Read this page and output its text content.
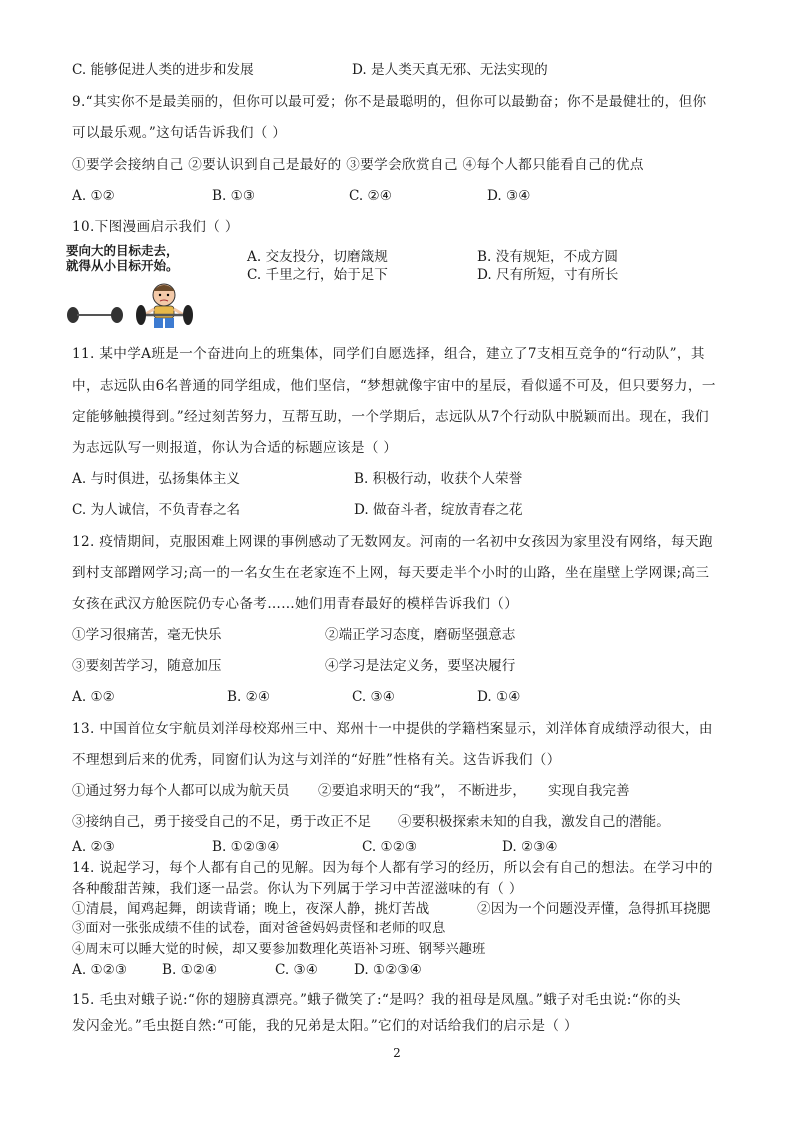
C. 能够促进人类的进步和发展	D. 是人类天真无邪、无法实现的
9.“其实你不是最美丽的，但你可以最可爱；你不是最聪明的，但你可以最勤奋；你不是最健壮的，但你
可以最乐观。”这句话告诉我们（ ）
①要学会接纳自己 ②要认识到自己是最好的 ③要学会欣赏自己 ④每个人都只能看自己的优点
A. ①②	B. ①③	C. ②④	D. ③④
10.下图漫画启示我们（ ）
要向大的目标走去，
就得从小目标开始。
A. 交友投分，切磨箴规	B. 没有规矩，不成方圆
C. 千里之行，始于足下	D. 尺有所短，寸有所长
11. 某中学A班是一个奋进向上的班集体，同学们自愿选择，组合，建立了7支相互竞争的“行动队”，其
中，志远队由6名普通的同学组成，他们坚信，“梦想就像宇宙中的星辰，看似遥不可及，但只要努力，一
定能够触摸得到。”经过刻苦努力，互帮互助，一个学期后，志远队从7个行动队中脱颖而出。现在，我们
为志远队写一则报道，你认为合适的标题应该是（ ）
A. 与时俱进，弘扬集体主义	B. 积极行动，收获个人荣誉
C. 为人诚信，不负青春之名	D. 做奋斗者，绽放青春之花
12. 疫情期间，克服困难上网课的事例感动了无数网友。河南的一名初中女孩因为家里没有网络，每天跑
到村支部蹭网学习;高一的一名女生在老家连不上网，每天要走半个小时的山路，坐在崖壁上学网课;高三
女孩在武汉方舱医院仍专心备考……她们用青春最好的模样告诉我们（）
①学习很痛苦，毫无快乐	②端正学习态度，磨砺坚强意志
③要刻苦学习，随意加压	④学习是法定义务，要坚决履行
A. ①②	B. ②④	C. ③④	D. ①④
13. 中国首位女宇航员刘洋母校郑州三中、郑州十一中提供的学籍档案显示，刘洋体育成绩浮动很大，由
不理想到后来的优秀，同窗们认为这与刘洋的“好胜”性格有关。这告诉我们（）
①通过努力每个人都可以成为航天员 ②要追求明天的“我”， 不断进步， 实现自我完善
③接纳自己，勇于接受自己的不足，勇于改正不足 ④要积极探索未知的自我，激发自己的潜能。
A. ②③	B. ①②③④	C. ①②③	D. ②③④
14. 说起学习，每个人都有自己的见解。因为每个人都有学习的经历，所以会有自己的想法。在学习中的
各种酸甜苦辣，我们逐一品尝。你认为下列属于学习中苦涩滋味的有（ ）
①清晨，闻鸡起舞，朗读背诵；晚上，夜深人静，挑灯苦战	②因为一个问题没弄懂，急得抓耳挠腮
③面对一张张成绩不佳的试卷，面对爸爸妈妈责怪和老师的叹息
④周末可以睡大觉的时候，却又要参加数理化英语补习班、钢琴兴趣班
A. ①②③	B. ①②④	C. ③④	D. ①②③④
15. 毛虫对蛾子说:“你的翅膀真漂亮。”蛾子微笑了:“是吗？我的祖母是凤凰。”蛾子对毛虫说:“你的头
发闪金光。”毛虫挺自然:“可能，我的兄弟是太阳。”它们的对话给我们的启示是（ ）
2
